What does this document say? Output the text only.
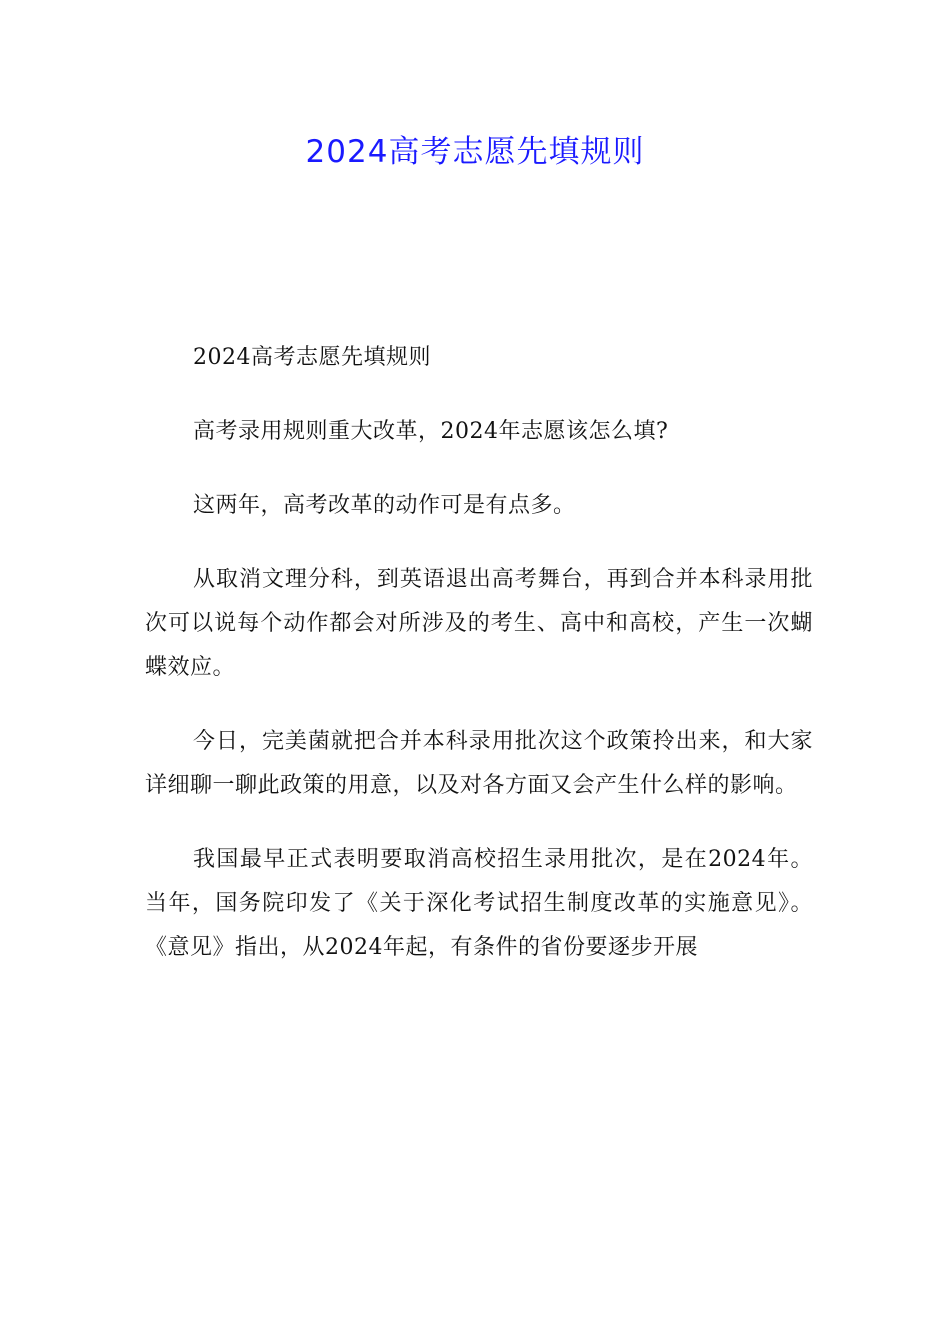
2024高考志愿先填规则

2024高考志愿先填规则

高考录用规则重大改革，2024年志愿该怎么填?

这两年，高考改革的动作可是有点多。

从取消文理分科，到英语退出高考舞台，再到合并本科录用批次可以说每个动作都会对所涉及的考生、高中和高校，产生一次蝴蝶效应。

今日，完美菌就把合并本科录用批次这个政策拎出来，和大家详细聊一聊此政策的用意，以及对各方面又会产生什么样的影响。

我国最早正式表明要取消高校招生录用批次，是在2024年。当年，国务院印发了《关于深化考试招生制度改革的实施意见》。《意见》指出，从2024年起，有条件的省份要逐步开展
